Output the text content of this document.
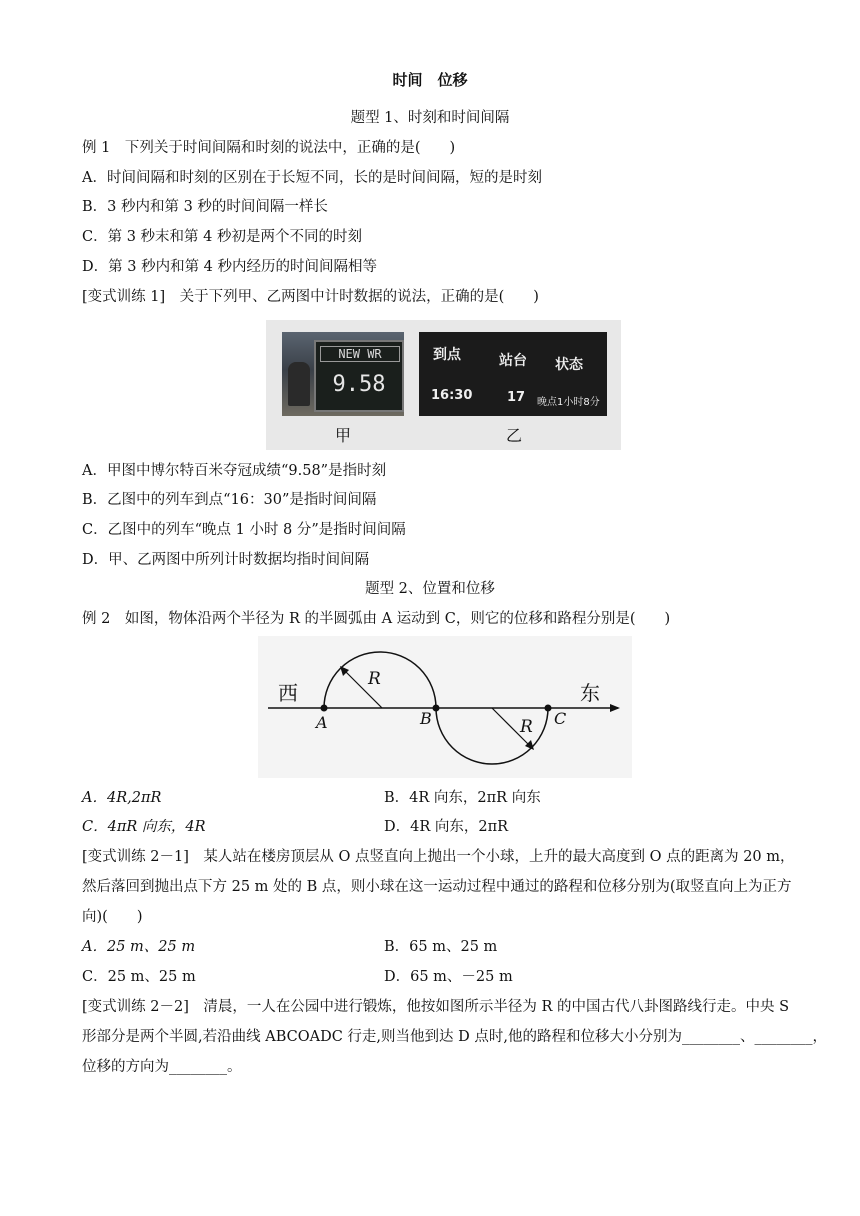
时间　位移
题型 1、时刻和时间间隔
例 1　下列关于时间间隔和时刻的说法中，正确的是(　　)
A．时间间隔和时刻的区别在于长短不同，长的是时间间隔，短的是时刻
B．3 秒内和第 3 秒的时间间隔一样长
C．第 3 秒末和第 4 秒初是两个不同的时刻
D．第 3 秒内和第 4 秒内经历的时间间隔相等
[变式训练 1]　关于下列甲、乙两图中计时数据的说法，正确的是(　　)
NEW WR
9.58
甲
到点	站台 状态
16:30	17 晚点1小时8分
乙
A．甲图中博尔特百米夺冠成绩“9.58”是指时刻
B．乙图中的列车到点“16：30”是指时间间隔
C．乙图中的列车“晚点 1 小时 8 分”是指时间间隔
D．甲、乙两图中所列计时数据均指时间间隔
题型 2、位置和位移
例 2　如图，物体沿两个半径为 R 的半圆弧由 A 运动到 C，则它的位移和路程分别是(　　)
西	东
A	B	C
R
R
A．4R,2πR	B．4R 向东，2πR 向东
C．4πR 向东，4R	D．4R 向东，2πR
[变式训练 2－1]　某人站在楼房顶层从 O 点竖直向上抛出一个小球，上升的最大高度到 O 点的距离为 20 m，
然后落回到抛出点下方 25 m 处的 B 点，则小球在这一运动过程中通过的路程和位移分别为(取竖直向上为正方
向)(　　)
A．25 m、25 m	B．65 m、25 m
C．25 m、25 m	D．65 m、－25 m
[变式训练 2－2]　清晨，一人在公园中进行锻炼，他按如图所示半径为 R 的中国古代八卦图路线行走。中央 S
形部分是两个半圆,若沿曲线 ABCOADC 行走,则当他到达 D 点时,他的路程和位移大小分别为________、________，
位移的方向为________。
